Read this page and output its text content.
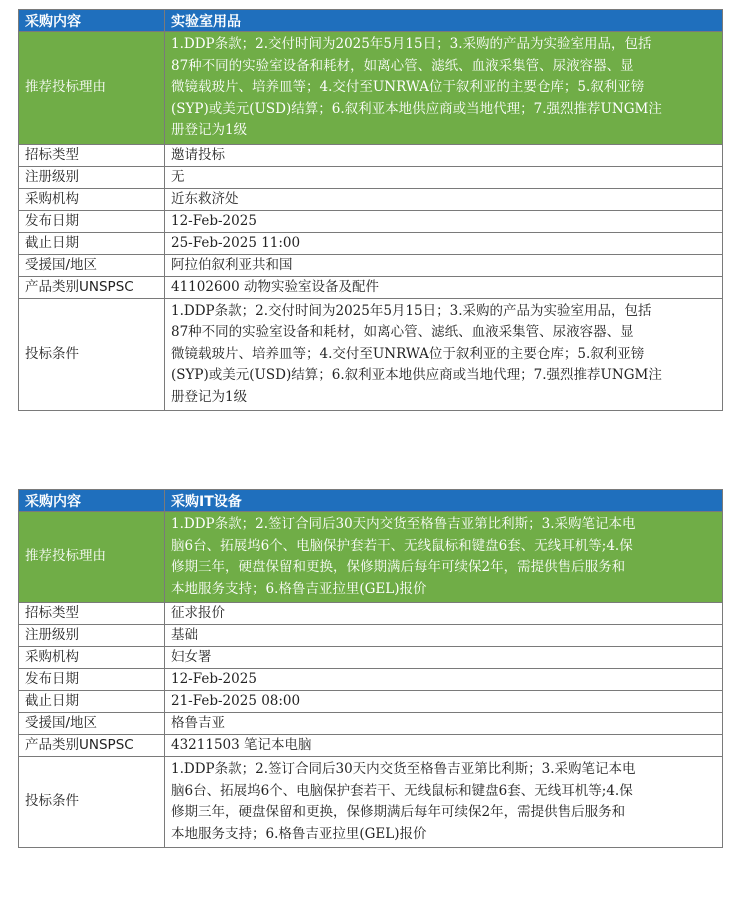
采购内容	实验室用品
推荐投标理由	1.DDP条款；2.交付时间为2025年5月15日；3.采购的产品为实验室用品，包括
87种不同的实验室设备和耗材，如离心管、滤纸、血液采集管、尿液容器、显
微镜载玻片、培养皿等；4.交付至UNRWA位于叙利亚的主要仓库；5.叙利亚镑
(SYP)或美元(USD)结算；6.叙利亚本地供应商或当地代理；7.强烈推荐UNGM注
册登记为1级

招标类型	邀请投标
注册级别	无
采购机构	近东救济处
发布日期	12-Feb-2025
截止日期	25-Feb-2025 11:00
受援国/地区	阿拉伯叙利亚共和国
产品类别UNSPSC	41102600 动物实验室设备及配件
投标条件	1.DDP条款；2.交付时间为2025年5月15日；3.采购的产品为实验室用品，包括
87种不同的实验室设备和耗材，如离心管、滤纸、血液采集管、尿液容器、显
微镜载玻片、培养皿等；4.交付至UNRWA位于叙利亚的主要仓库；5.叙利亚镑
(SYP)或美元(USD)结算；6.叙利亚本地供应商或当地代理；7.强烈推荐UNGM注
册登记为1级
采购内容	采购IT设备
推荐投标理由	1.DDP条款；2.签订合同后30天内交货至格鲁吉亚第比利斯；3.采购笔记本电
脑6台、拓展坞6个、电脑保护套若干、无线鼠标和键盘6套、无线耳机等;4.保
修期三年，硬盘保留和更换，保修期满后每年可续保2年，需提供售后服务和
本地服务支持；6.格鲁吉亚拉里(GEL)报价

招标类型	征求报价
注册级别	基础
采购机构	妇女署
发布日期	12-Feb-2025
截止日期	21-Feb-2025 08:00
受援国/地区	格鲁吉亚
产品类别UNSPSC	43211503 笔记本电脑
投标条件	1.DDP条款；2.签订合同后30天内交货至格鲁吉亚第比利斯；3.采购笔记本电
脑6台、拓展坞6个、电脑保护套若干、无线鼠标和键盘6套、无线耳机等;4.保
修期三年，硬盘保留和更换，保修期满后每年可续保2年，需提供售后服务和
本地服务支持；6.格鲁吉亚拉里(GEL)报价
